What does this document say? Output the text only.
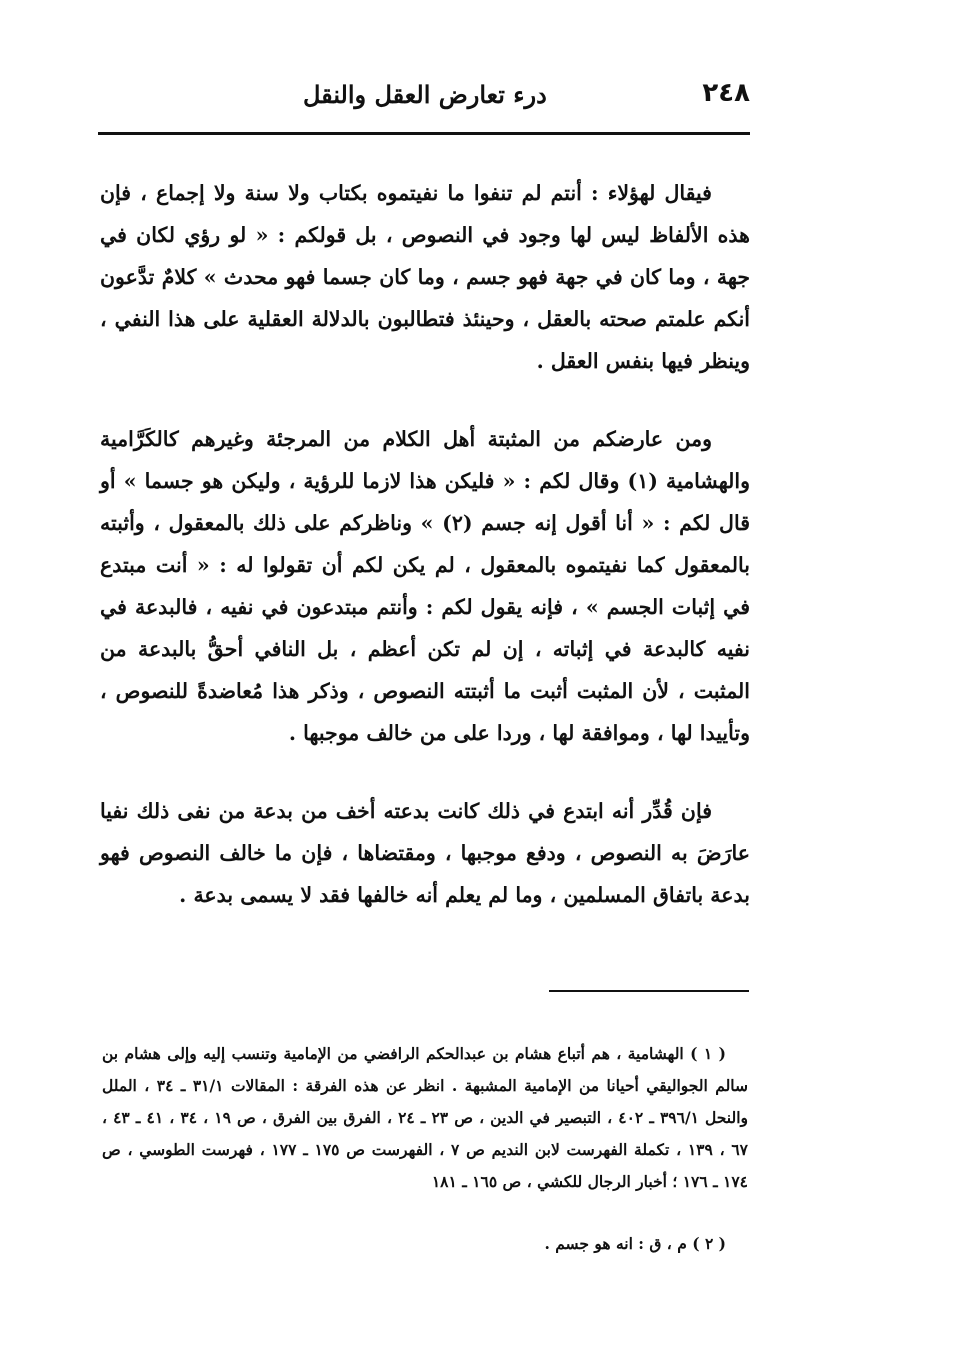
٢٤٨
درء تعارض العقل والنقل

فيقال لهؤلاء : أنتم لم تنفوا ما نفيتموه بكتاب ولا سنة ولا إجماع ، فإن هذه الألفاظ ليس لها وجود في النصوص ، بل قولكم : « لو رؤي لكان في جهة ، وما كان في جهة فهو جسم ، وما كان جسما فهو محدث » كلامٌ تدَّعون أنكم علمتم صحته بالعقل ، وحينئذ فتطالبون بالدلالة العقلية على هذا النفي ، وينظر فيها بنفس العقل .

ومن عارضكم من المثبتة أهل الكلام من المرجئة وغيرهم كالكَرَّامية والهشامية (١) وقال لكم : « فليكن هذا لازما للرؤية ، وليكن هو جسما » أو قال لكم : « أنا أقول إنه جسم (٢) » وناظركم على ذلك بالمعقول ، وأثبته بالمعقول كما نفيتموه بالمعقول ، لم يكن لكم أن تقولوا له : « أنت مبتدع في إثبات الجسم » ، فإنه يقول لكم : وأنتم مبتدعون في نفيه ، فالبدعة في نفيه كالبدعة في إثباته ، إن لم تكن أعظم ، بل النافي أحقُّ بالبدعة من المثبت ، لأن المثبت أثبت ما أثبتته النصوص ، وذكر هذا مُعاضدةً للنصوص ، وتأييدا لها ، وموافقة لها ، وردا على من خالف موجبها .

فإن قُدِّر أنه ابتدع في ذلك كانت بدعته أخف من بدعة من نفى ذلك نفيا عارَضَ به النصوص ، ودفع موجبها ، ومقتضاها ، فإن ما خالف النصوص فهو بدعة باتفاق المسلمين ، وما لم يعلم أنه خالفها فقد لا يسمى بدعة .

( ١ ) الهشامية ، هم أتباع هشام بن عبدالحكم الرافضي من الإمامية وتنسب إليه وإلى هشام بن سالم الجواليقي أحيانا من الإمامية المشبهة . انظر عن هذه الفرقة : المقالات ٣١/١ ـ ٣٤ ، الملل والنحل ٣٩٦/١ ـ ٤٠٢ ، التبصير في الدين ، ص ٢٣ ـ ٢٤ ، الفرق بين الفرق ، ص ١٩ ، ٣٤ ، ٤١ ـ ٤٣ ، ٦٧ ، ١٣٩ ، تكملة الفهرست لابن النديم ص ٧ ، الفهرست ص ١٧٥ ـ ١٧٧ ، فهرست الطوسي ، ص ١٧٤ ـ ١٧٦ ؛ أخبار الرجال للكشي ، ص ١٦٥ ـ ١٨١

( ٢ ) م ، ق : انه هو جسم .
